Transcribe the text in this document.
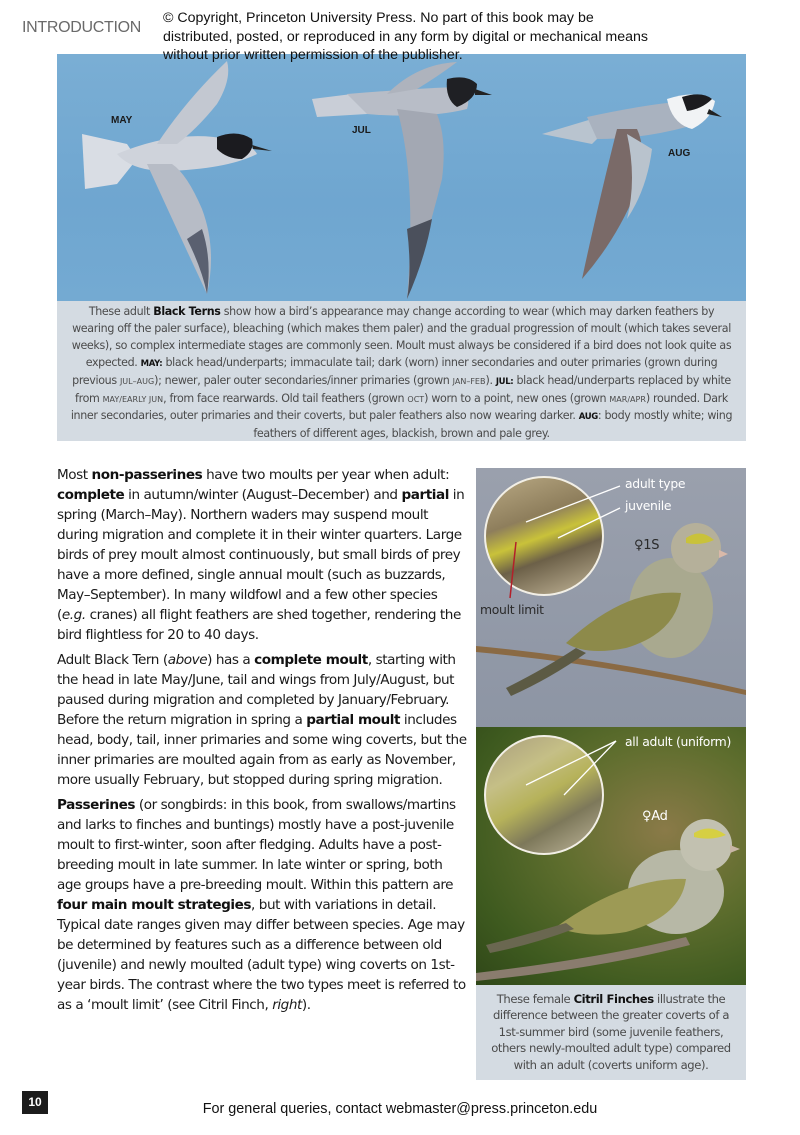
INTRODUCTION
© Copyright, Princeton University Press. No part of this book may be distributed, posted, or reproduced in any form by digital or mechanical means without prior written permission of the publisher.
MAY
JUL
AUG
These adult Black Terns show how a bird’s appearance may change according to wear (which may darken feathers by wearing off the paler surface), bleaching (which makes them paler) and the gradual progression of moult (which takes several weeks), so complex intermediate stages are commonly seen. Moult must always be considered if a bird does not look quite as expected. MAY: black head/underparts; immaculate tail; dark (worn) inner secondaries and outer primaries (grown during previous JUL–AUG); newer, paler outer secondaries/inner primaries (grown JAN–FEB). JUL: black head/underparts replaced by white from MAY/EARLY JUN, from face rearwards. Old tail feathers (grown OCT) worn to a point, new ones (grown MAR/APR) rounded. Dark inner secondaries, outer primaries and their coverts, but paler feathers also now wearing darker. AUG: body mostly white; wing feathers of different ages, blackish, brown and pale grey.

Most non-passerines have two moults per year when adult: complete in autumn/winter (August–December) and partial in spring (March–May). Northern waders may suspend moult during migration and complete it in their winter quarters. Large birds of prey moult almost continuously, but small birds of prey have a more defined, single annual moult (such as buzzards, May–September). In many wildfowl and a few other species (e.g. cranes) all flight feathers are shed together, rendering the bird flightless for 20 to 40 days.

Adult Black Tern (above) has a complete moult, starting with the head in late May/June, tail and wings from July/August, but paused during migration and completed by January/February. Before the return migration in spring a partial moult includes head, body, tail, inner primaries and some wing coverts, but the inner primaries are moulted again from as early as November, more usually February, but stopped during spring migration.

Passerines (or songbirds: in this book, from swallows/martins and larks to finches and buntings) mostly have a post-juvenile moult to first-winter, soon after fledging. Adults have a post-breeding moult in late summer. In late winter or spring, both age groups have a pre-breeding moult. Within this pattern are four main moult strategies, but with variations in detail. Typical date ranges given may differ between species. Age may be determined by features such as a difference between old (juvenile) and newly moulted (adult type) wing coverts on 1st-year birds. The contrast where the two types meet is referred to as a ‘moult limit’ (see Citril Finch, right).

adult type
juvenile
♀1S
moult limit
all adult (uniform)
♀Ad
These female Citril Finches illustrate the difference between the greater coverts of a 1st-summer bird (some juvenile feathers, others newly-moulted adult type) compared with an adult (coverts uniform age).
10	For general queries, contact webmaster@press.princeton.edu
